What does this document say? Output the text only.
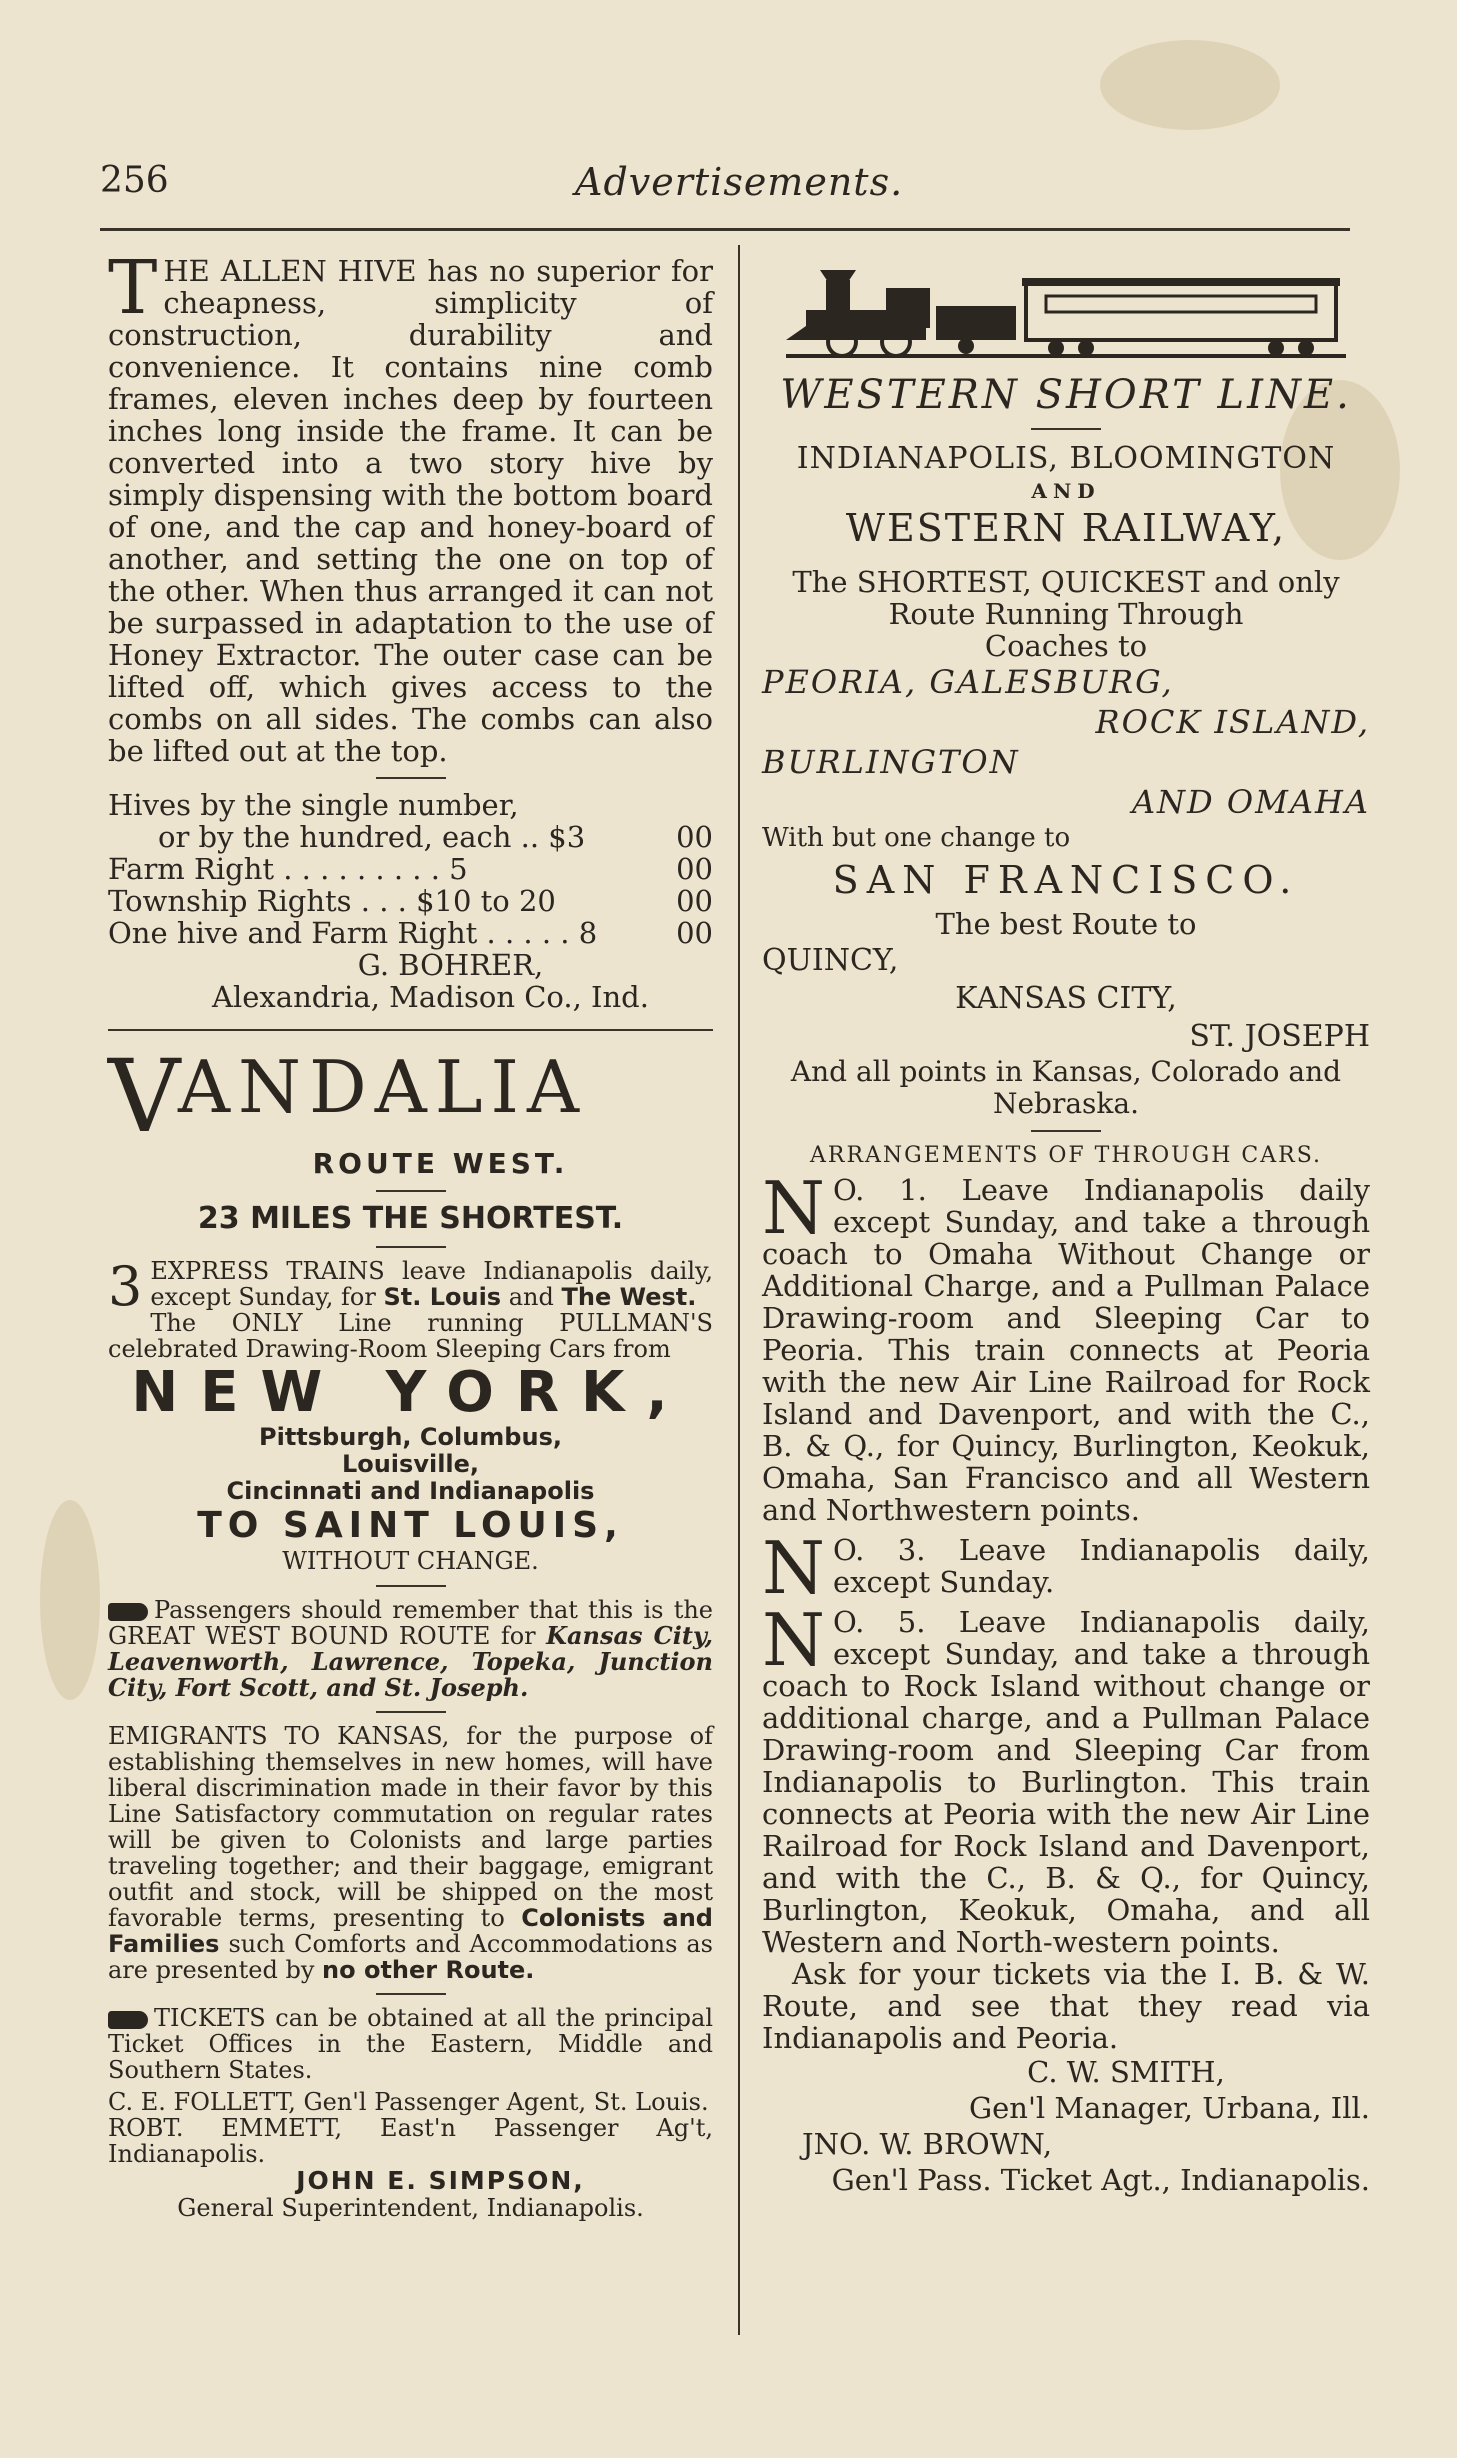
256	Advertisements.

THE ALLEN HIVE has no superior for cheapness, simplicity of construction, durability and convenience. It contains nine comb frames, eleven inches deep by fourteen inches long inside the frame. It can be converted into a two story hive by simply dispensing with the bottom board of one, and the cap and honey-board of another, and setting the one on top of the other. When thus arranged it can not be surpassed in adaptation to the use of Honey Extractor. The outer case can be lifted off, which gives access to the combs on all sides. The combs can also be lifted out at the top.

Hives by the single number,
or by the hundred, each .. $3	00
Farm Right . . . . . . . . . 5	00
Township Rights . . . $10 to 20	00
One hive and Farm Right . . . . . 8	00
G. BOHRER,
Alexandria, Madison Co., Ind.
V
ANDALIA
ROUTE WEST.
23 MILES THE SHORTEST.

3 EXPRESS TRAINS leave Indianapolis daily, except Sunday, for St. Louis and The West.

The ONLY Line running PULLMAN'S celebrated Drawing-Room Sleeping Cars from

NEW YORK,
Pittsburgh, Columbus,
Louisville,
Cincinnati and Indianapolis
TO SAINT LOUIS,
WITHOUT CHANGE.

Passengers should remember that this is the GREAT WEST BOUND ROUTE for Kansas City, Leavenworth, Lawrence, Topeka, Junction City, Fort Scott, and St. Joseph.

EMIGRANTS TO KANSAS, for the purpose of establishing themselves in new homes, will have liberal discrimination made in their favor by this Line Satisfactory commutation on regular rates will be given to Colonists and large parties traveling together; and their baggage, emigrant outfit and stock, will be shipped on the most favorable terms, presenting to Colonists and Families such Comforts and Accommodations as are presented by no other Route.

TICKETS can be obtained at all the principal Ticket Offices in the Eastern, Middle and Southern States.

C. E. FOLLETT, Gen'l Passenger Agent, St. Louis.

ROBT. EMMETT, East'n Passenger Ag't, Indianapolis.

JOHN E. SIMPSON,
General Superintendent, Indianapolis.
WESTERN SHORT LINE.
INDIANAPOLIS, BLOOMINGTON
AND
WESTERN RAILWAY,
The SHORTEST, QUICKEST and only
Route Running Through
Coaches to
PEORIA, GALESBURG,
ROCK ISLAND,
BURLINGTON
AND OMAHA
With but one change to
SAN FRANCISCO.
The best Route to
QUINCY,
KANSAS CITY,
ST. JOSEPH

And all points in Kansas, Colorado and Nebraska.

ARRANGEMENTS OF THROUGH CARS.

N O. 1. Leave Indianapolis daily except Sunday, and take a through coach to Omaha Without Change or Additional Charge, and a Pullman Palace Drawing-room and Sleeping Car to Peoria. This train connects at Peoria with the new Air Line Railroad for Rock Island and Davenport, and with the C., B. & Q., for Quincy, Burlington, Keokuk, Omaha, San Francisco and all Western and Northwestern points.

N O. 3. Leave Indianapolis daily, except Sunday.

N O. 5. Leave Indianapolis daily, except Sunday, and take a through coach to Rock Island without change or additional charge, and a Pullman Palace Drawing-room and Sleeping Car from Indianapolis to Burlington. This train connects at Peoria with the new Air Line Railroad for Rock Island and Davenport, and with the C., B. & Q., for Quincy, Burlington, Keokuk, Omaha, and all Western and North-western points.

Ask for your tickets via the I. B. & W. Route, and see that they read via Indianapolis and Peoria.

C. W. SMITH,
Gen'l Manager, Urbana, Ill.
JNO. W. BROWN,
Gen'l Pass. Ticket Agt., Indianapolis.
